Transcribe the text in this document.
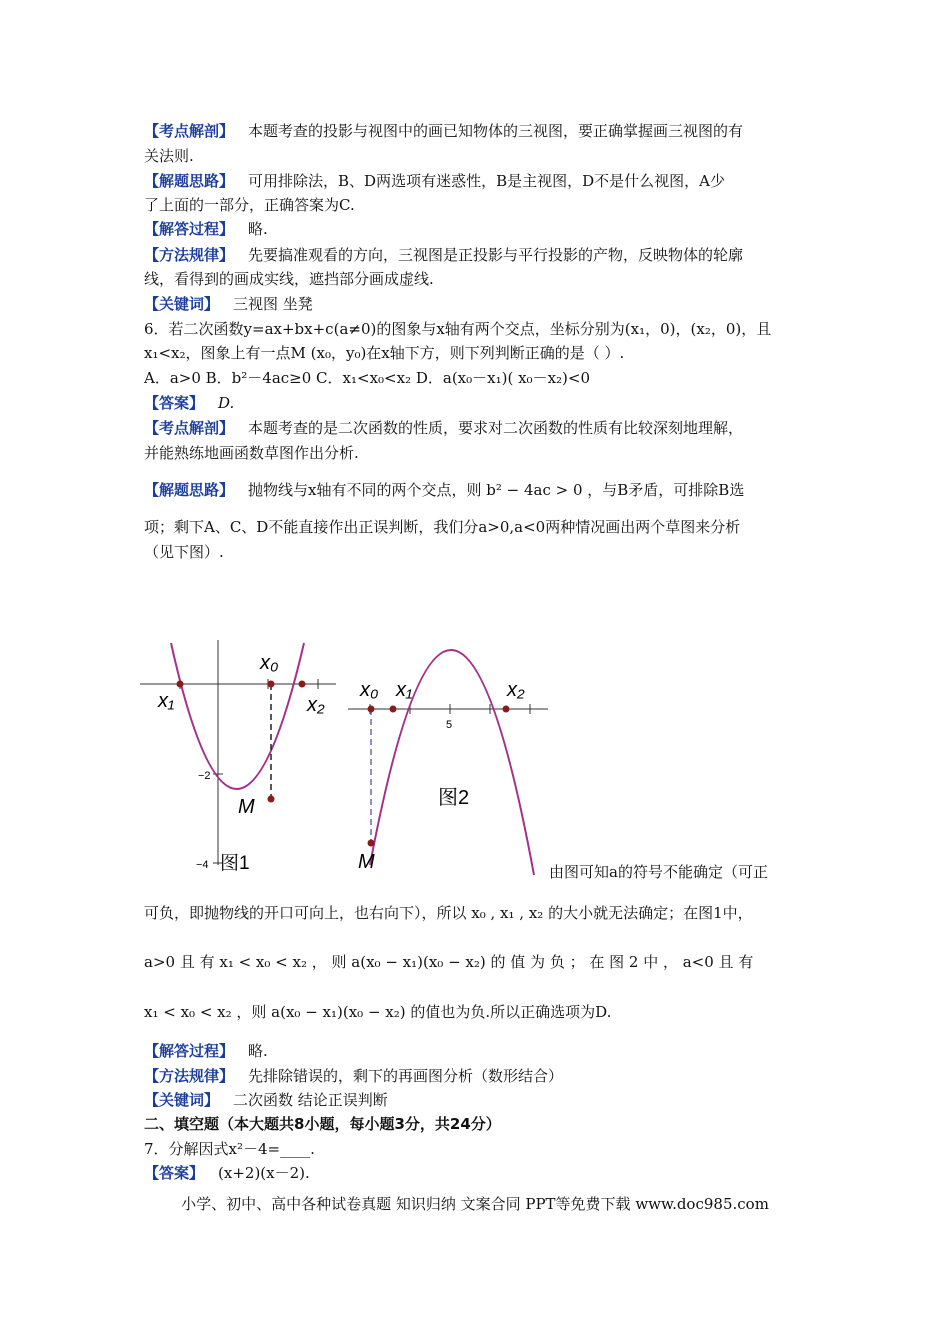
【考点解剖】 本题考查的投影与视图中的画已知物体的三视图，要正确掌握画三视图的有
关法则.
【解题思路】 可用排除法，B、D两选项有迷惑性，B是主视图，D不是什么视图，A少
了上面的一部分，正确答案为C.
【解答过程】 略.
【方法规律】 先要搞准观看的方向，三视图是正投影与平行投影的产物，反映物体的轮廓
线，看得到的画成实线，遮挡部分画成虚线.
【关键词】 三视图 坐凳
6．若二次函数y=ax+bx+c(a≠0)的图象与x轴有两个交点，坐标分别为(x₁，0)，(x₂，0)，且
x₁<x₂，图象上有一点M (x₀，y₀)在x轴下方，则下列判断正确的是（ ）.
A．a>0 B．b²－4ac≥0 C．x₁<x₀<x₂ D．a(x₀－x₁)( x₀－x₂)<0
【答案】 D.
【考点解剖】 本题考查的是二次函数的性质，要求对二次函数的性质有比较深刻地理解，
并能熟练地画函数草图作出分析.
【解题思路】 抛物线与x轴有不同的两个交点，则 b² − 4ac > 0 ，与B矛盾，可排除B选
项；剩下A、C、D不能直接作出正误判断，我们分a>0,a<0两种情况画出两个草图来分析
（见下图）.
x₁
x₀
x₂
−2
−4
M
图1
x₀ x₁	x₂
5
图2
M	由图可知a的符号不能确定（可正
可负，即抛物线的开口可向上，也右向下），所以 x₀ , x₁ , x₂ 的大小就无法确定；在图1中，
a>0 且 有 x₁ < x₀ < x₂ ， 则 a(x₀ − x₁)(x₀ − x₂) 的 值 为 负 ； 在 图 2 中 ， a<0 且 有
x₁ < x₀ < x₂ ，则 a(x₀ − x₁)(x₀ − x₂) 的值也为负.所以正确选项为D.
【解答过程】 略.
【方法规律】 先排除错误的，剩下的再画图分析（数形结合）
【关键词】 二次函数 结论正误判断
二、填空题（本大题共8小题，每小题3分，共24分）
7．分解因式x²－4=____.
【答案】 (x+2)(x－2).
小学、初中、高中各种试卷真题 知识归纳 文案合同 PPT等免费下载 www.doc985.com
